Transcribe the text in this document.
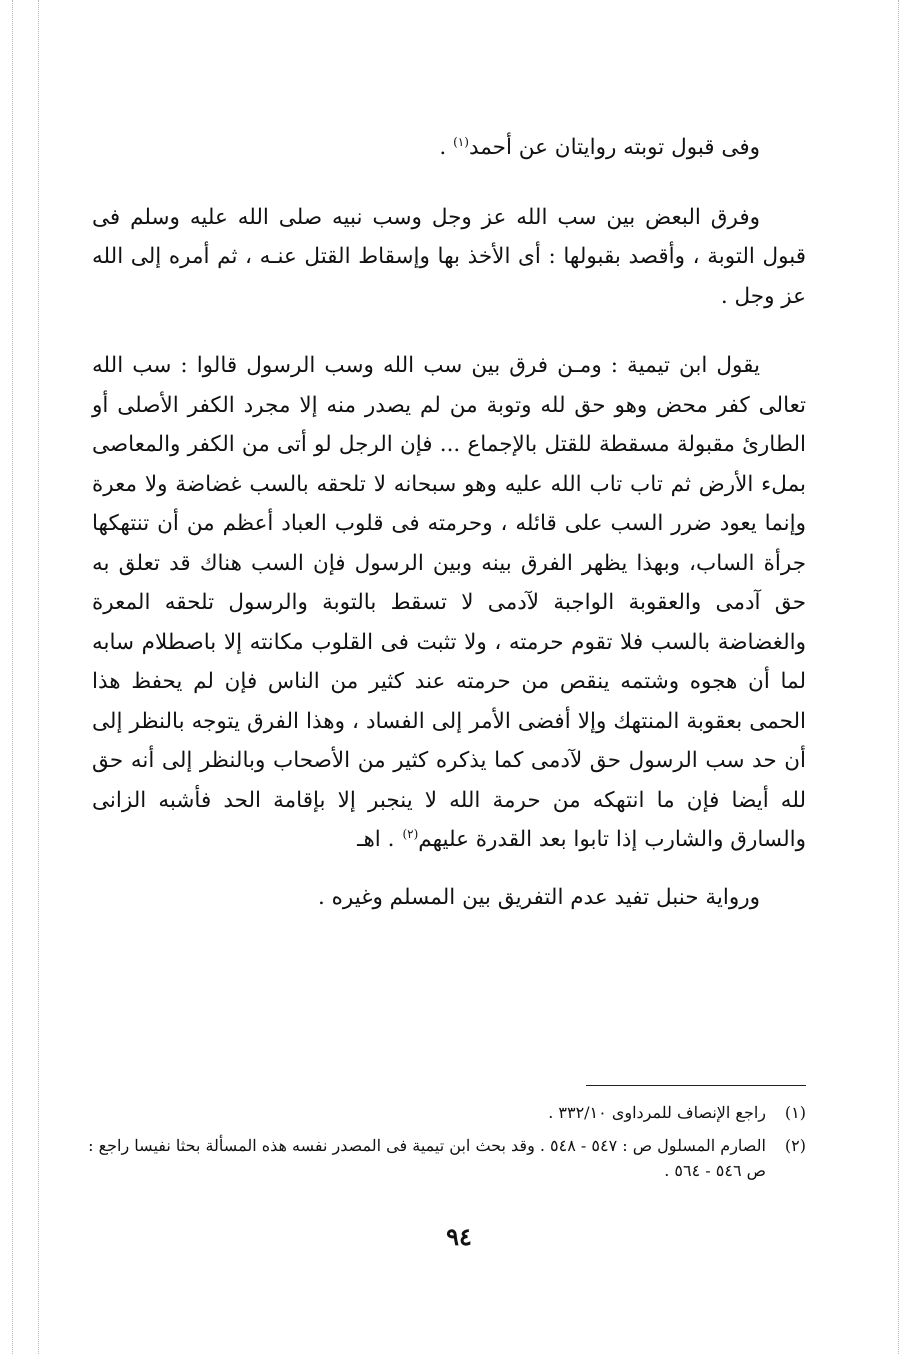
وفى قبول توبته روايتان عن أحمد$^{(١)}$ .

وفرق البعض بين سب الله عز وجل وسب نبيه صلى الله عليه وسلم فى قبول التوبة ، وأقصد بقبولها : أى الأخذ بها وإسقاط القتل عنـه ، ثم أمره إلى الله عز وجل .

يقول ابن تيمية : ومـن فرق بين سب الله وسب الرسول قالوا : سب الله تعالى كفر محض وهو حق لله وتوبة من لم يصدر منه إلا مجرد الكفر الأصلى أو الطارئ مقبولة مسقطة للقتل بالإجماع ... فإن الرجل لو أتى من الكفر والمعاصى بملء الأرض ثم تاب تاب الله عليه وهو سبحانه لا تلحقه بالسب غضاضة ولا معرة وإنما يعود ضرر السب على قائله ، وحرمته فى قلوب العباد أعظم من أن تنتهكها جرأة الساب، وبهذا يظهر الفرق بينه وبين الرسول فإن السب هناك قد تعلق به حق آدمى والعقوبة الواجبة لآدمى لا تسقط بالتوبة والرسول تلحقه المعرة والغضاضة بالسب فلا تقوم حرمته ، ولا تثبت فى القلوب مكانته إلا باصطلام سابه لما أن هجوه وشتمه ينقص من حرمته عند كثير من الناس فإن لم يحفظ هذا الحمى بعقوبة المنتهك وإلا أفضى الأمر إلى الفساد ، وهذا الفرق يتوجه بالنظر إلى أن حد سب الرسول حق لآدمى كما يذكره كثير من الأصحاب وبالنظر إلى أنه حق لله أيضا فإن ما انتهكه من حرمة الله لا ينجبر إلا بإقامة الحد فأشبه الزانى والسارق والشارب إذا تابوا بعد القدرة عليهم$^{(٢)}$. اهـ

ورواية حنبل تفيد عدم التفريق بين المسلم وغيره .

(١)
راجع الإنصاف للمرداوى ٣٣٢/١٠ .
(٢)
الصارم المسلول ص : ٥٤٧ - ٥٤٨ . وقد بحث ابن تيمية فى المصدر نفسه هذه المسألة بحثا نفيسا راجع : ص ٥٤٦ - ٥٦٤ .
٩٤
